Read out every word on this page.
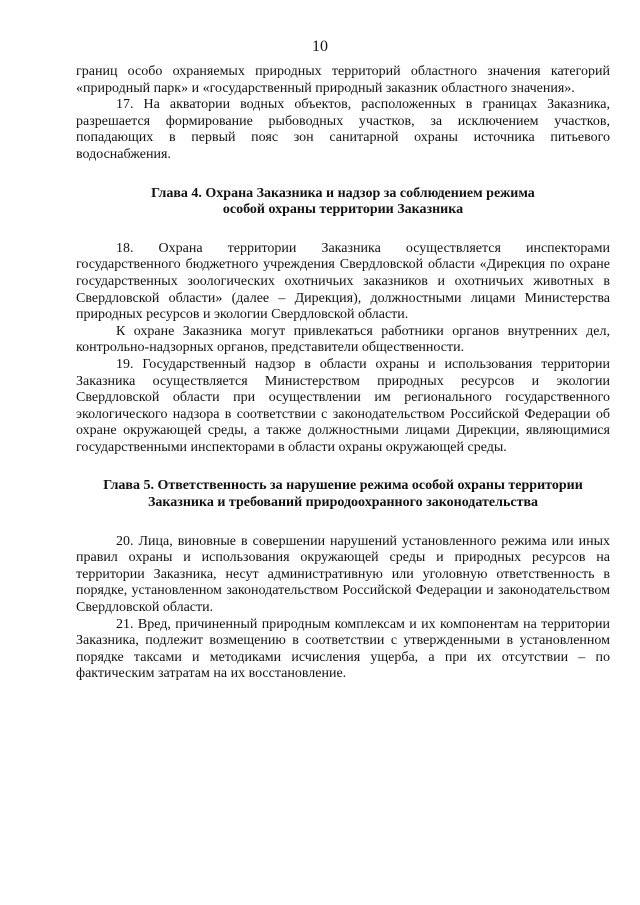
10

границ особо охраняемых природных территорий областного значения категорий «природный парк» и «государственный природный заказник областного значения».

17. На акватории водных объектов, расположенных в границах Заказника, разрешается формирование рыбоводных участков, за исключением участков, попадающих в первый пояс зон санитарной охраны источника питьевого водоснабжения.

Глава 4. Охрана Заказника и надзор за соблюдением режима
особой охраны территории Заказника

18. Охрана территории Заказника осуществляется инспекторами государственного бюджетного учреждения Свердловской области «Дирекция по охране государственных зоологических охотничьих заказников и охотничьих животных в Свердловской области» (далее – Дирекция), должностными лицами Министерства природных ресурсов и экологии Свердловской области.

К охране Заказника могут привлекаться работники органов внутренних дел, контрольно-надзорных органов, представители общественности.

19. Государственный надзор в области охраны и использования территории Заказника осуществляется Министерством природных ресурсов и экологии Свердловской области при осуществлении им регионального государственного экологического надзора в соответствии с законодательством Российской Федерации об охране окружающей среды, а также должностными лицами Дирекции, являющимися государственными инспекторами в области охраны окружающей среды.

Глава 5. Ответственность за нарушение режима особой охраны территории
Заказника и требований природоохранного законодательства

20. Лица, виновные в совершении нарушений установленного режима или иных правил охраны и использования окружающей среды и природных ресурсов на территории Заказника, несут административную или уголовную ответственность в порядке, установленном законодательством Российской Федерации и законодательством Свердловской области.

21. Вред, причиненный природным комплексам и их компонентам на территории Заказника, подлежит возмещению в соответствии с утвержденными в установленном порядке таксами и методиками исчисления ущерба, а при их отсутствии – по фактическим затратам на их восстановление.
